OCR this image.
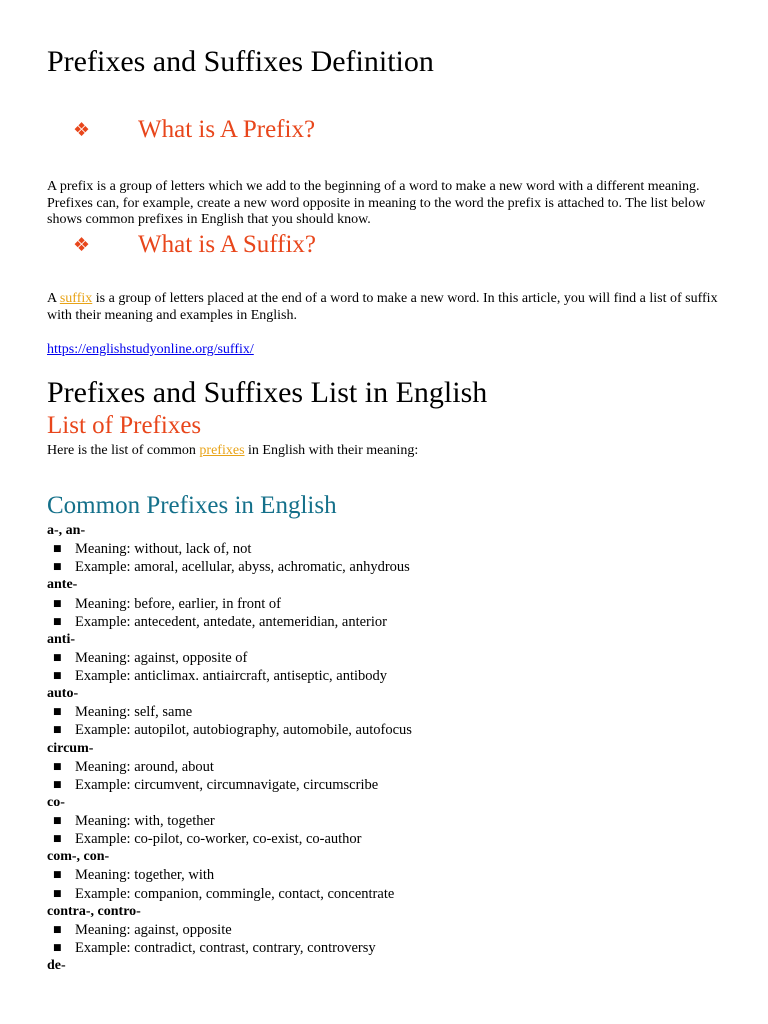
Prefixes and Suffixes Definition
❖	What is A Prefix?

A prefix is a group of letters which we add to the beginning of a word to make a new word with a different meaning. Prefixes can, for example, create a new word opposite in meaning to the word the prefix is attached to. The list below shows common prefixes in English that you should know.

❖	What is A Suffix?

A suffix is a group of letters placed at the end of a word to make a new word. In this article, you will find a list of suffix with their meaning and examples in English.

https://englishstudyonline.org/suffix/

Prefixes and Suffixes List in English
List of Prefixes

Here is the list of common prefixes in English with their meaning:

Common Prefixes in English
a-, an-
■ Meaning: without, lack of, not
■ Example: amoral, acellular, abyss, achromatic, anhydrous
ante-
■ Meaning: before, earlier, in front of
■ Example: antecedent, antedate, antemeridian, anterior
anti-
■ Meaning: against, opposite of
■ Example: anticlimax. antiaircraft, antiseptic, antibody
auto-
■ Meaning: self, same
■ Example: autopilot, autobiography, automobile, autofocus
circum-
■ Meaning: around, about
■ Example: circumvent, circumnavigate, circumscribe
co-
■ Meaning: with, together
■ Example: co-pilot, co-worker, co-exist, co-author
com-, con-
■ Meaning: together, with
■ Example: companion, commingle, contact, concentrate
contra-, contro-
■ Meaning: against, opposite
■ Example: contradict, contrast, contrary, controversy
de-
